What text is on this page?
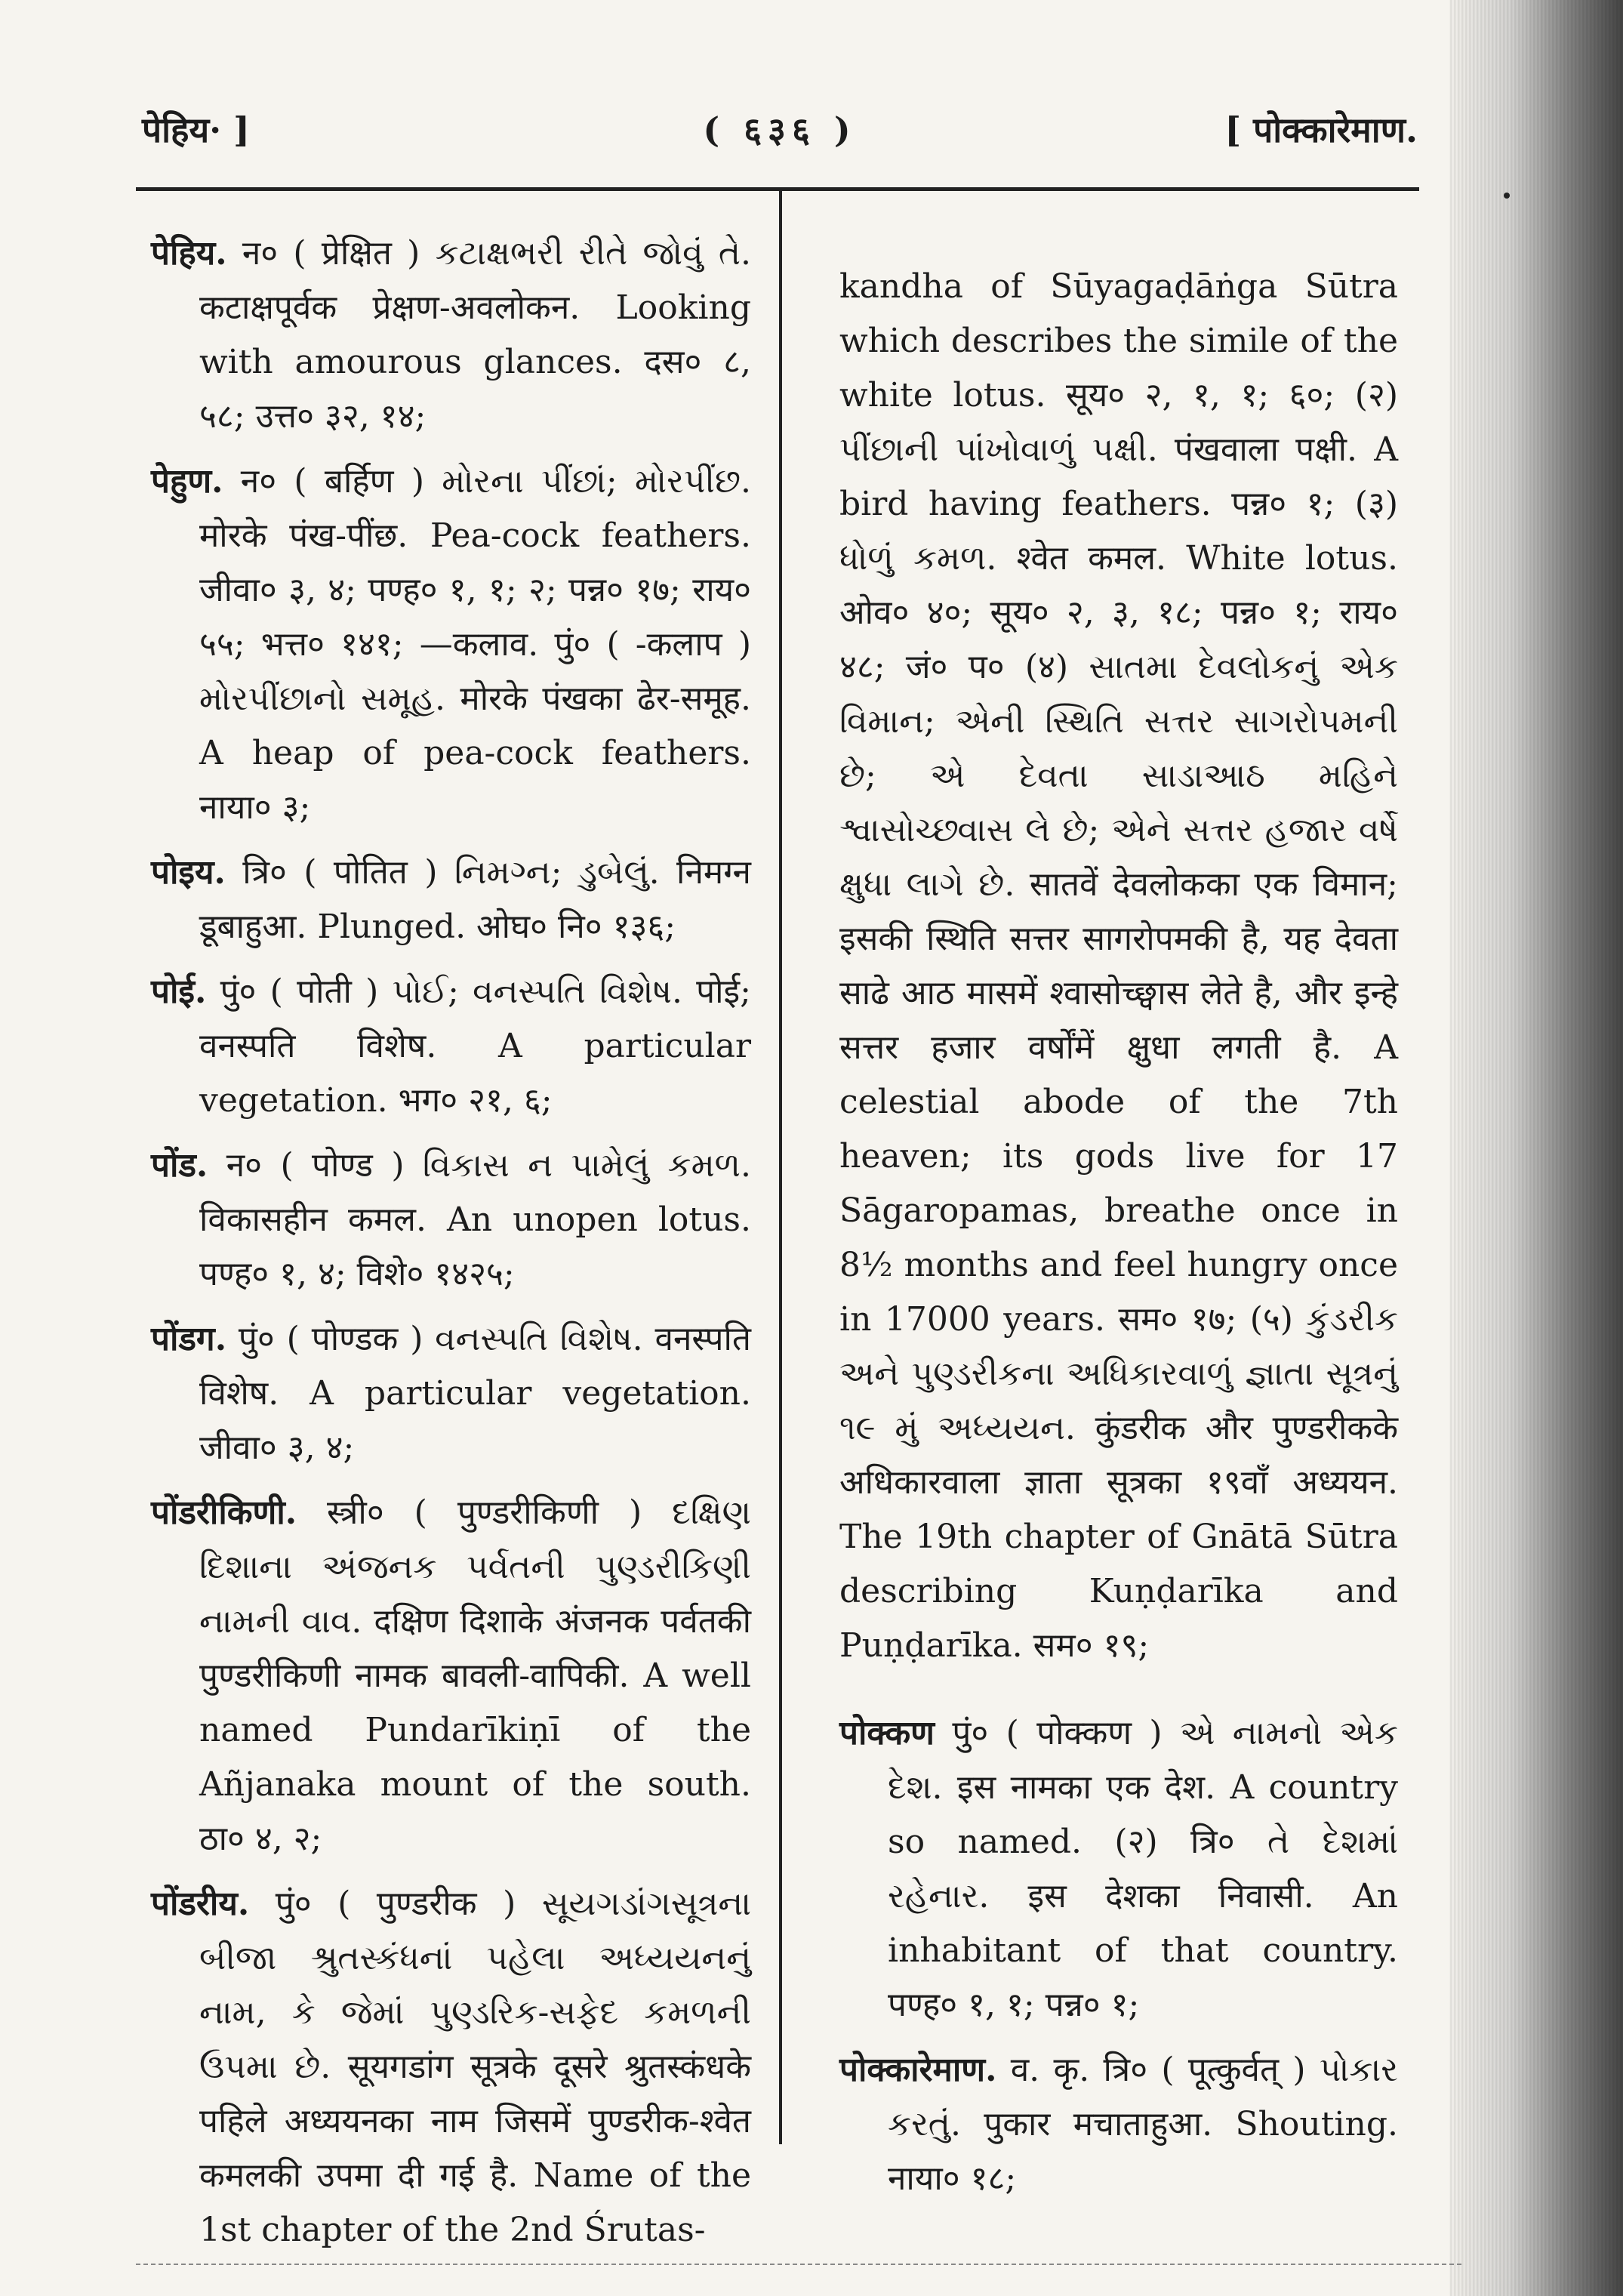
पेहिय· ]	( ६३६ )	[ पोक्कारेमाण.

पेहिय. न० ( प्रेक्षित ) કટાક્ષભરી રીતે જોવું તે. कटाक्षपूर्वक प्रेक्षण-अवलोकन. Looking with amourous glances. दस० ८, ५८; उत्त० ३२, १४;

पेहुण. न० ( बर्हिण ) મોરના પીંછાં; મોરપીંછ. मोरके पंख-पींछ. Pea-cock feathers. जीवा० ३, ४; पण्ह० १, १; २; पन्न० १७; राय० ५५; भत्त० १४१; —कलाव. पुं० ( -कलाप ) મોરપીંછાનો સમૂહ. मोरके पंखका ढेर-समूह. A heap of pea-cock feathers. नाया० ३;

पोइय. त्रि० ( पोतित ) નિમગ્ન; ડુબેલું. निमग्न डूबाहुआ. Plunged. ओघ० नि० १३६;

पोई. पुं० ( पोती ) પોઈ; વનસ્પતિ વિશેષ. पोई; वनस्पति विशेष. A particular vegetation. भग० २१, ६;

पोंड. न० ( पोण्ड ) વિકાસ ન પામેલું કમળ. विकासहीन कमल. An unopen lotus. पण्ह० १, ४; विशे० १४२५;

पोंडग. पुं० ( पोण्डक ) વનસ્પતિ વિશેષ. वनस्पति विशेष. A particular vegetation. जीवा० ३, ४;

पोंडरीकिणी. स्त्री० ( पुण्डरीकिणी ) દક્ષિણ દિશાના અંજનક પર્વતની પુણ્ડરીકિણી નામની વાવ. दक्षिण दिशाके अंजनक पर्वतकी पुण्डरीकिणी नामक बावली-वापिकी. A well named Pundarīkiṇī of the Añjanaka mount of the south. ठा० ४, २;

पोंडरीय. पुं० ( पुण्डरीक ) સૂયગડાંગસૂત્રના બીજા શ્રુતસ્કંધનાં પહેલા અધ્યયનનું નામ, કે જેમાં પુણ્ડરિક-સફેદ કમળની ઉપમા છે. सूयगडांग सूत्रके दूसरे श्रुतस्कंधके पहिले अध्ययनका नाम जिसमें पुण्डरीक-श्वेत कमलकी उपमा दी गई है. Name of the 1st chapter of the 2nd Śrutas-

kandha of Sūyagaḍāṅga Sūtra which describes the simile of the white lotus. सूय० २, १, १; ६०; (२) પીંછાની પાંખોવાળું પક્ષી. पंखवाला पक्षी. A bird having feathers. पन्न० १; (३) ધોળું કમળ. श्वेत कमल. White lotus. ओव० ४०; सूय० २, ३, १८; पन्न० १; राय० ४८; जं० प० (४) સાતમા દેવલોકનું એક વિમાન; એની સ્થિતિ સત્તર સાગરોપમની છે; એ દેવતા સાડાઆઠ મહિને શ્વાસોચ્છ્વાસ લે છે; એને સત્તર હજાર વર્ષે ક્ષુધા લાગે છે. सातवें देवलोकका एक विमान; इसकी स्थिति सत्तर सागरोपमकी है, यह देवता साढे आठ मासमें श्वासोच्छ्वास लेते है, और इन्हे सत्तर हजार वर्षोंमें क्षुधा लगती है. A celestial abode of the 7th heaven; its gods live for 17 Sāgaropamas, breathe once in 8½ months and feel hungry once in 17000 years. सम० १७; (५) કુંડરીક અને પુણ્ડરીકના અધિકારવાળું જ્ઞાતા સૂત્રનું ૧૯ મું અધ્યયન. कुंडरीक और पुण्डरीकके अधिकारवाला ज्ञाता सूत्रका १९वाँ अध्ययन. The 19th chapter of Gnātā Sūtra describing Kuṇḍarīka and Puṇḍarīka. सम० १९;

पोक्कण पुं० ( पोक्कण ) એ નામનો એક દેશ. इस नामका एक देश. A country so named. (२) त्रि० તે દેશમાં રહેનાર. इस देशका निवासी. An inhabitant of that country. पण्ह० १, १; पन्न० १;

पोक्कारेमाण. व. कृ. त्रि० ( पूत्कुर्वत् ) પોકાર કરતું. पुकार मचाताहुआ. Shouting. नाया० १८;
